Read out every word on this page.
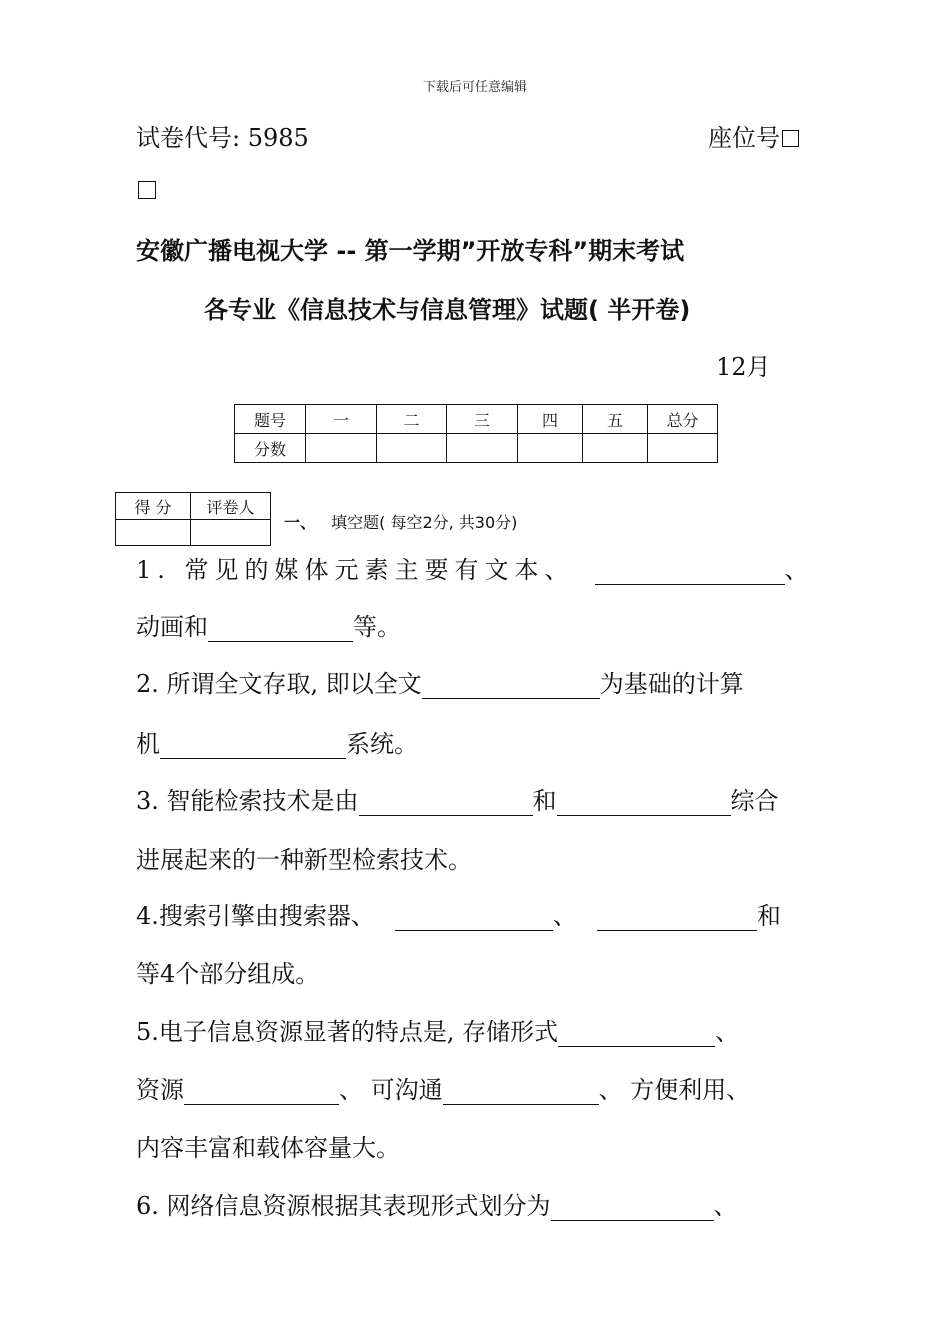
下载后可任意编辑
试卷代号: 5985	座位号
安徽广播电视大学 -- 第一学期”开放专科”期末考试
各专业《信息技术与信息管理》试题( 半开卷)
12月
题号	一	二	三	四	五	总分
分数						
得 分	评卷人

一、 填空题( 每空2分, 共30分)
1. 常见的媒体元素主要有文本、	、
动画和	等。
2. 所谓全文存取, 即以全文	为基础的计算
机	系统。
3. 智能检索技术是由	和	综合
进展起来的一种新型检索技术。
4.搜索引擎由搜索器、	、	和
等4个部分组成。
5.电子信息资源显著的特点是, 存储形式	、
资源	、 可沟通	、 方便利用、
内容丰富和载体容量大。
6. 网络信息资源根据其表现形式划分为	、
